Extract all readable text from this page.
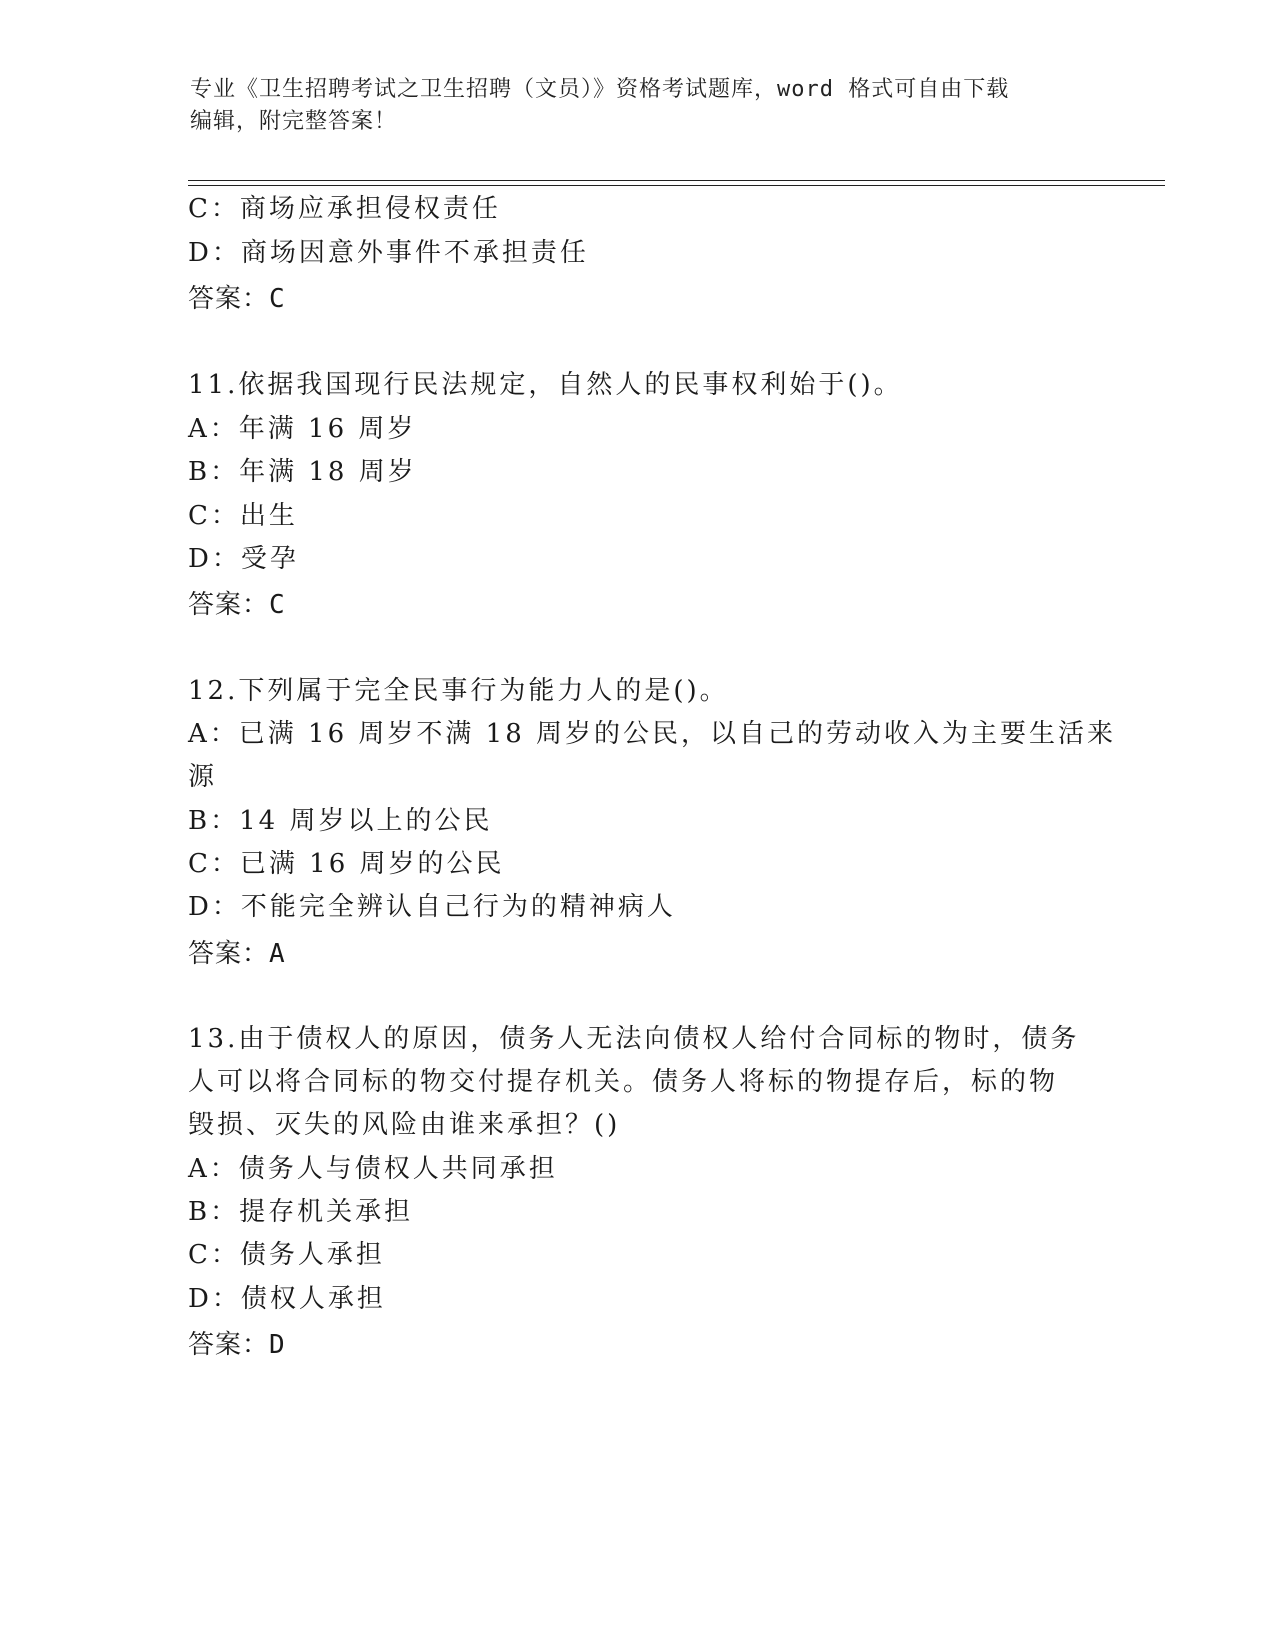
专业《卫生招聘考试之卫生招聘（文员）》资格考试题库，word 格式可自由下载
编辑，附完整答案！
C：商场应承担侵权责任
D：商场因意外事件不承担责任
答案：C
11.依据我国现行民法规定，自然人的民事权利始于()。
A：年满 16 周岁
B：年满 18 周岁
C：出生
D：受孕
答案：C
12.下列属于完全民事行为能力人的是()。
A：已满 16 周岁不满 18 周岁的公民，以自己的劳动收入为主要生活来
源
B：14 周岁以上的公民
C：已满 16 周岁的公民
D：不能完全辨认自己行为的精神病人
答案：A
13.由于债权人的原因，债务人无法向债权人给付合同标的物时，债务
人可以将合同标的物交付提存机关。债务人将标的物提存后，标的物
毁损、灭失的风险由谁来承担？()
A：债务人与债权人共同承担
B：提存机关承担
C：债务人承担
D：债权人承担
答案：D
